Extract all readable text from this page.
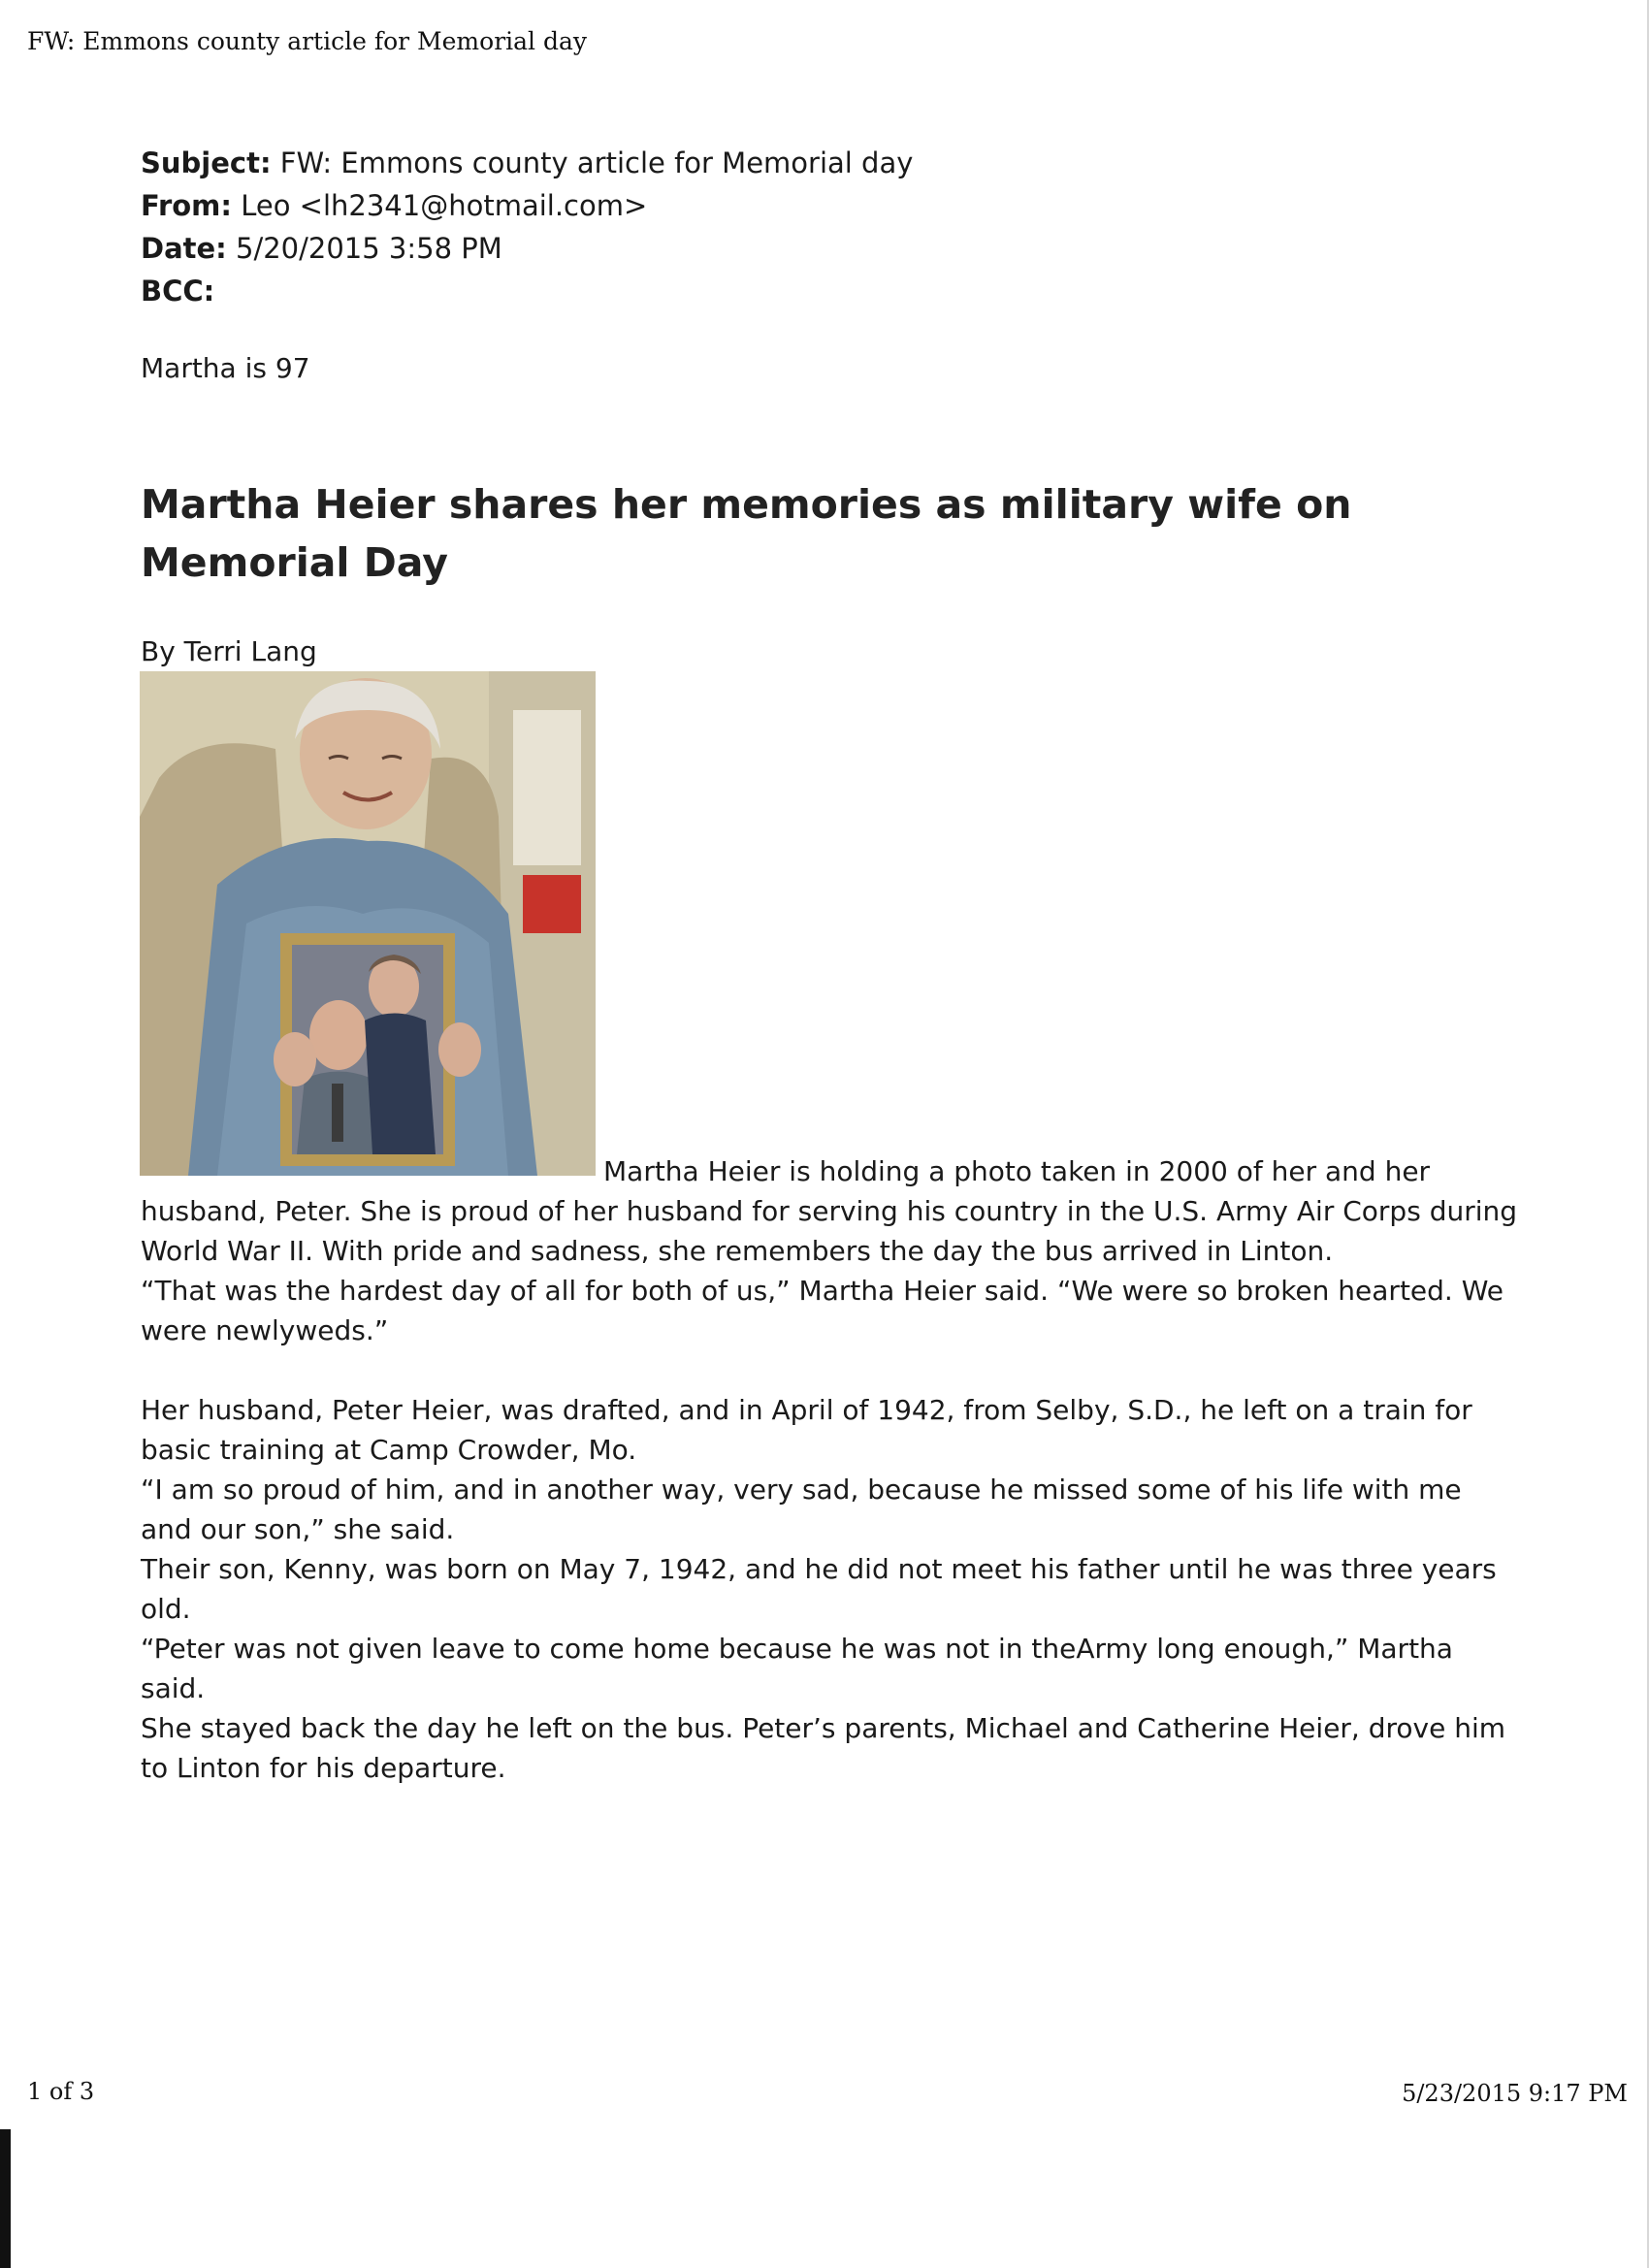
FW: Emmons county article for Memorial day
Subject: FW: Emmons county article for Memorial day
From: Leo <lh2341@hotmail.com>
Date: 5/20/2015 3:58 PM
BCC:
Martha is 97
Martha Heier shares her memories as military wife on Memorial Day
By Terri Lang
Martha Heier is holding a photo taken in 2000 of her and her

husband, Peter. She is proud of her husband for serving his country in the U.S. Army Air Corps during World War II. With pride and sadness, she remembers the day the bus arrived in Linton.

“That was the hardest day of all for both of us,” Martha Heier said. “We were so broken hearted. We were newlyweds.”

Her husband, Peter Heier, was drafted, and in April of 1942, from Selby, S.D., he left on a train for basic training at Camp Crowder, Mo.

“I am so proud of him, and in another way, very sad, because he missed some of his life with me and our son,” she said.

Their son, Kenny, was born on May 7, 1942, and he did not meet his father until he was three years old.

“Peter was not given leave to come home because he was not in theArmy long enough,” Martha said.

She stayed back the day he left on the bus. Peter’s parents, Michael and Catherine Heier, drove him to Linton for his departure.

1 of 3	5/23/2015 9:17 PM
